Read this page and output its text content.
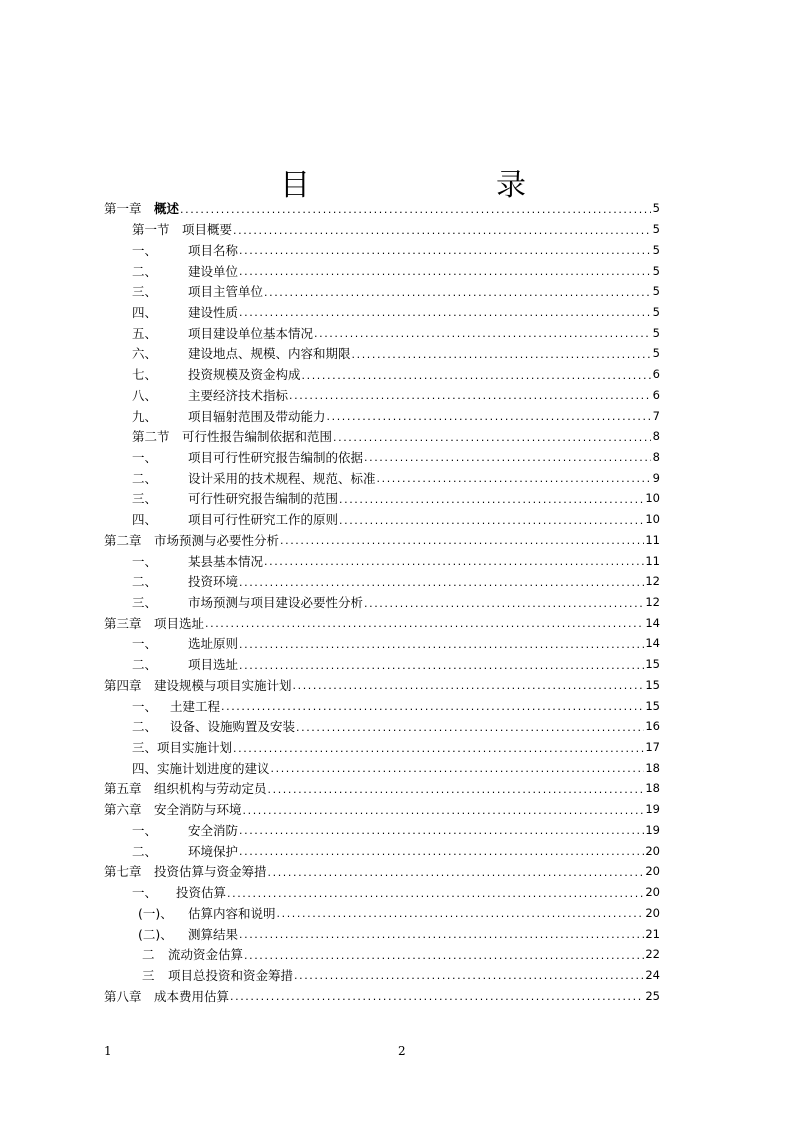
目	录
第一章 概述 .....	5
第一节 项目概要 .....	5
一、	项目名称 .....	5
二、	建设单位 .....	5
三、	项目主管单位 .....	5
四、	建设性质 .....	5
五、	项目建设单位基本情况 .....	5
六、	建设地点、规模、内容和期限 .....	5
七、	投资规模及资金构成 .....	6
八、	主要经济技术指标 .....	6
九、	项目辐射范围及带动能力 .....	7
第二节 可行性报告编制依据和范围 .....	8
一、	项目可行性研究报告编制的依据 .....	8
二、	设计采用的技术规程、规范、标准 .....	9
三、	可行性研究报告编制的范围 .....	10
四、	项目可行性研究工作的原则 .....	10
第二章 市场预测与必要性分析 .....	11
一、	某县基本情况 .....	11
二、	投资环境 .....	12
三、	市场预测与项目建设必要性分析 .....	12
第三章 项目选址 .....	14
一、	选址原则 .....	14
二、	项目选址 .....	15
第四章 建设规模与项目实施计划 .....	15
一、	土建工程 .....	15
二、	设备、设施购置及安装 .....	16
三、项目实施计划 .....	17
四、实施计划进度的建议 .....	18
第五章 组织机构与劳动定员 .....	18
第六章 安全消防与环境 .....	19
一、	安全消防 .....	19
二、	环境保护 .....	20
第七章 投资估算与资金筹措 .....	20
一、	投资估算 .....	20
(一)、	估算内容和说明 .....	20
(二)、	测算结果 .....	21
二	流动资金估算 .....	22
三	项目总投资和资金筹措 .....	24
第八章 成本费用估算 .....	25
1	2
